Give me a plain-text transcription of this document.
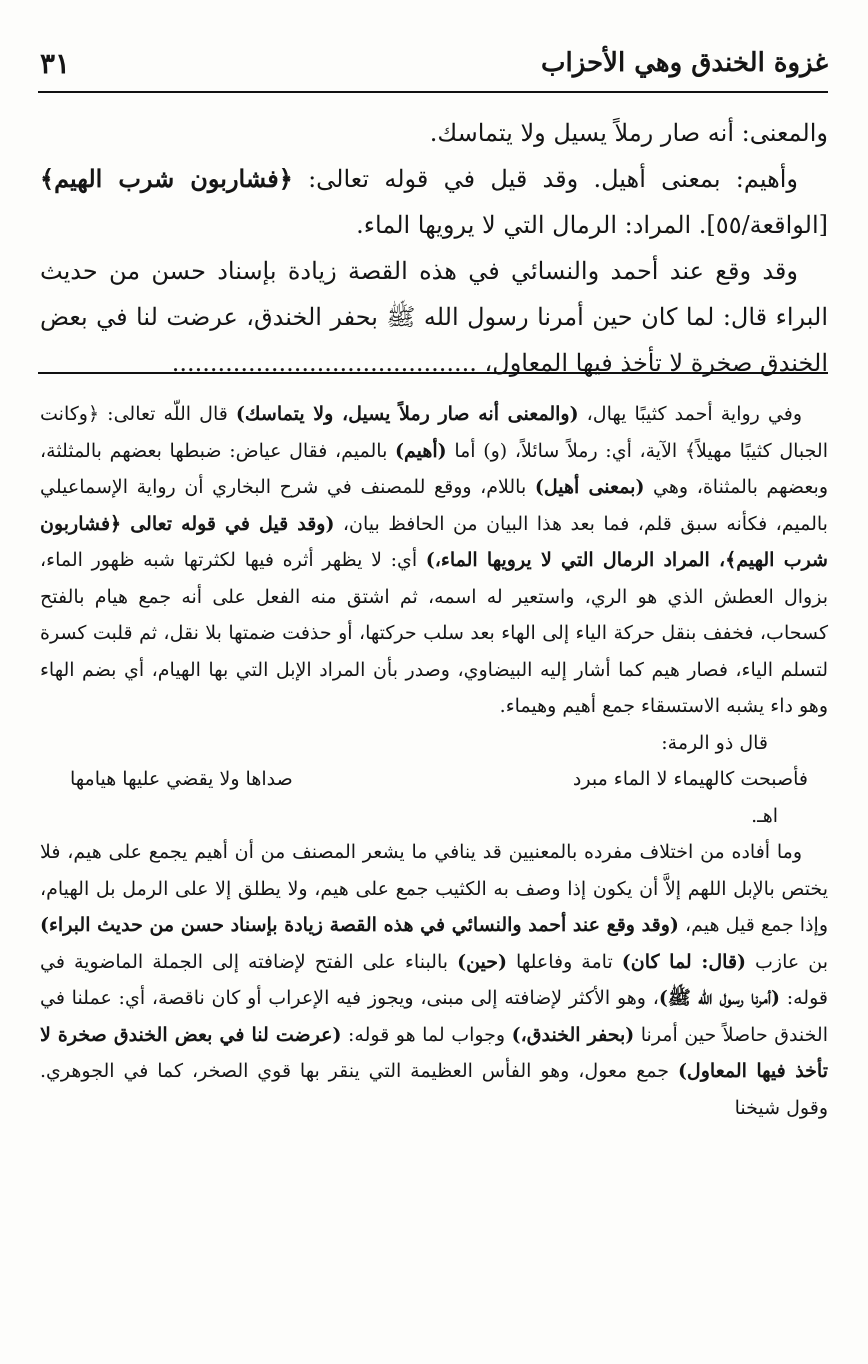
غزوة الخندق وهي الأحزاب
٣١

والمعنى: أنه صار رملاً يسيل ولا يتماسك.

وأهيم: بمعنى أهيل. وقد قيل في قوله تعالى: ﴿فشاربون شرب الهيم﴾ [الواقعة/٥٥]. المراد: الرمال التي لا يرويها الماء.

وقد وقع عند أحمد والنسائي في هذه القصة زيادة بإسناد حسن من حديث البراء قال: لما كان حين أمرنا رسول الله ﷺ بحفر الخندق، عرضت لنا في بعض الخندق صخرة لا تأخذ فيها المعاول، ........................................

وفي رواية أحمد كثيبًا يهال، (والمعنى أنه صار رملاً يسيل، ولا يتماسك) قال اللّه تعالى: ﴿وكانت الجبال كثيبًا مهيلاً﴾ الآية، أي: رملاً سائلاً، (و) أما (أهيم) بالميم، فقال عياض: ضبطها بعضهم بالمثلثة، وبعضهم بالمثناة، وهي (بمعنى أهيل) باللام، ووقع للمصنف في شرح البخاري أن رواية الإسماعيلي بالميم، فكأنه سبق قلم، فما بعد هذا البيان من الحافظ بيان، (وقد قيل في قوله تعالى ﴿فشاربون شرب الهيم﴾، المراد الرمال التي لا يرويها الماء،) أي: لا يظهر أثره فيها لكثرتها شبه ظهور الماء، بزوال العطش الذي هو الري، واستعير له اسمه، ثم اشتق منه الفعل على أنه جمع هيام بالفتح كسحاب، فخفف بنقل حركة الياء إلى الهاء بعد سلب حركتها، أو حذفت ضمتها بلا نقل، ثم قلبت كسرة لتسلم الياء، فصار هيم كما أشار إليه البيضاوي، وصدر بأن المراد الإبل التي بها الهيام، أي بضم الهاء وهو داء يشبه الاستسقاء جمع أهيم وهيماء.

قال ذو الرمة:

فأصبحت كالهيماء لا الماء مبرد
صداها ولا يقضي عليها هيامها

اهـ.

وما أفاده من اختلاف مفرده بالمعنيين قد ينافي ما يشعر المصنف من أن أهيم يجمع على هيم، فلا يختص بالإبل اللهم إلاَّ أن يكون إذا وصف به الكثيب جمع على هيم، ولا يطلق إلا على الرمل بل الهيام، وإذا جمع قيل هيم، (وقد وقع عند أحمد والنسائي في هذه القصة زيادة بإسناد حسن من حديث البراء) بن عازب (قال: لما كان) تامة وفاعلها (حين) بالبناء على الفتح لإضافته إلى الجملة الماضوية في قوله: (أمرنا رسول اللّه ﷺ)، وهو الأكثر لإضافته إلى مبنى، ويجوز فيه الإعراب أو كان ناقصة، أي: عملنا في الخندق حاصلاً حين أمرنا (بحفر الخندق،) وجواب لما هو قوله: (عرضت لنا في بعض الخندق صخرة لا تأخذ فيها المعاول) جمع معول، وهو الفأس العظيمة التي ينقر بها قوي الصخر، كما في الجوهري. وقول شيخنا
